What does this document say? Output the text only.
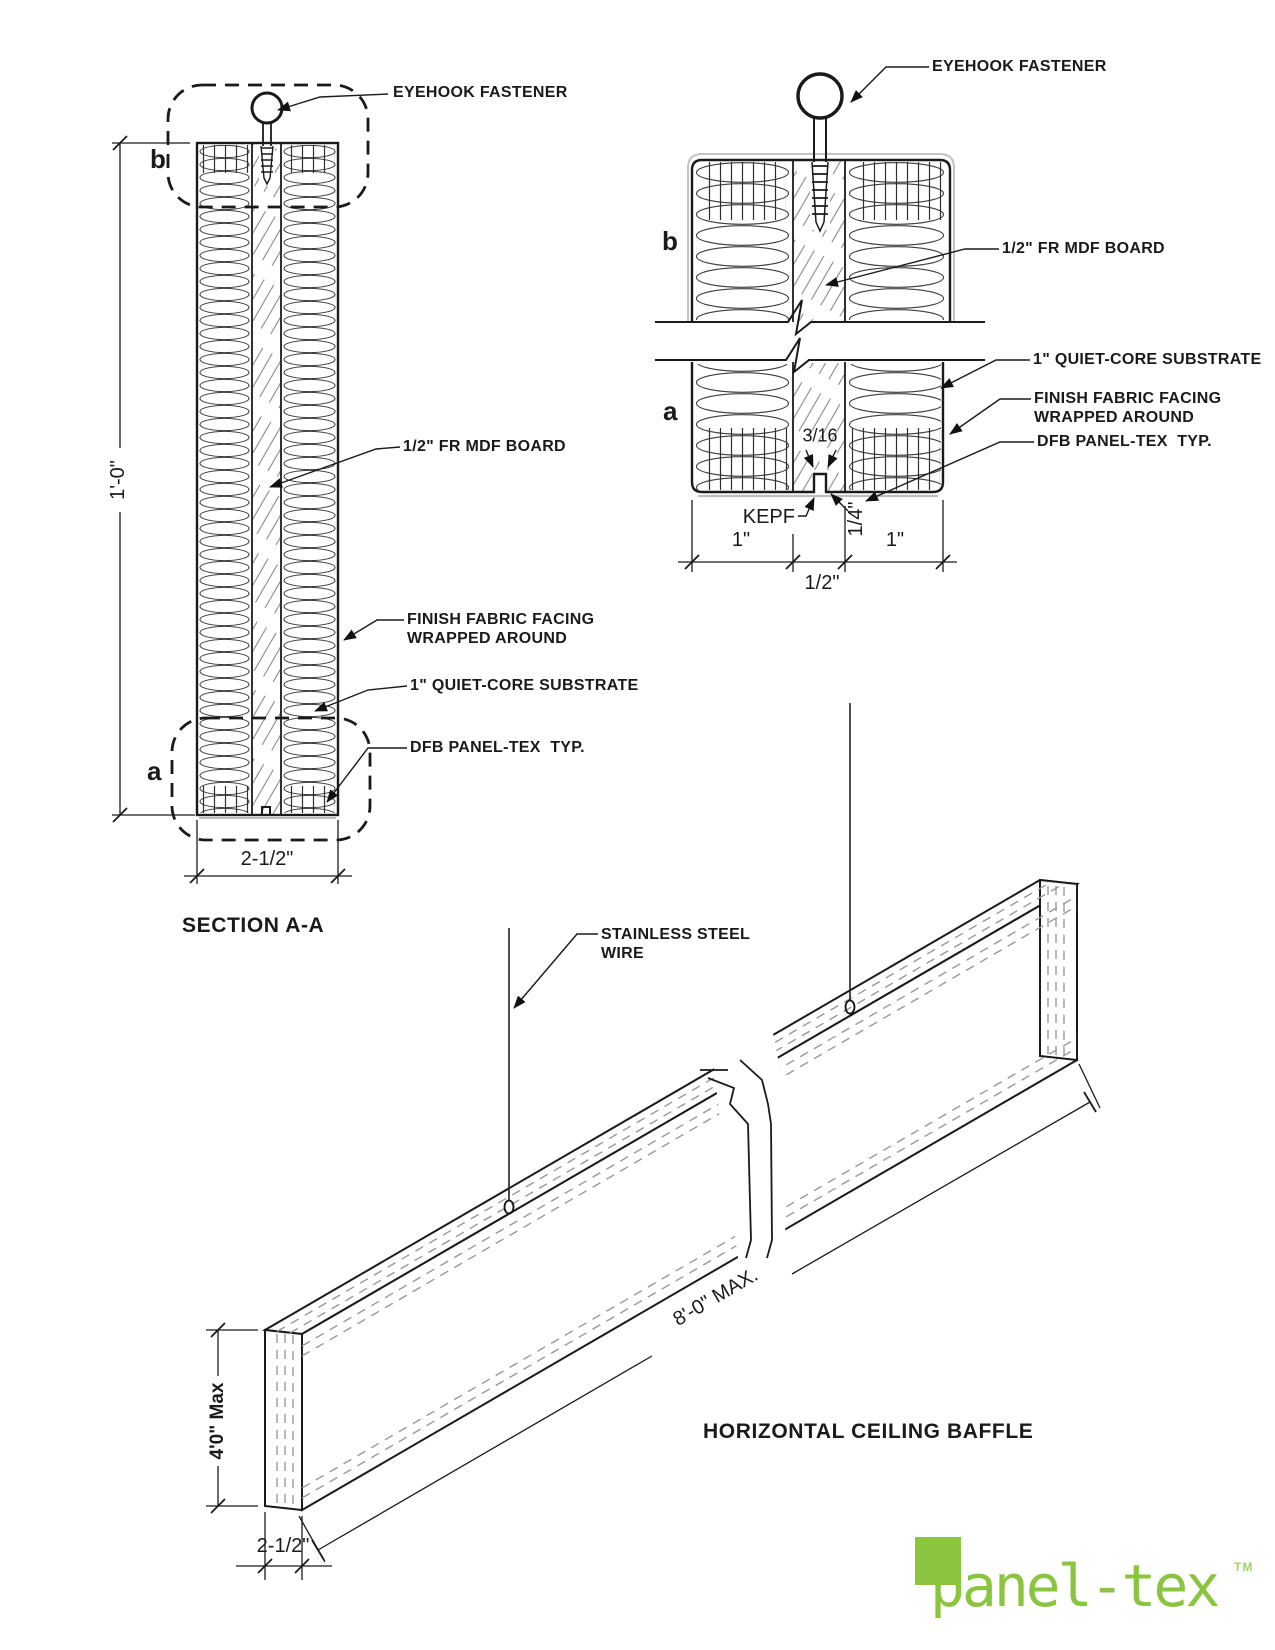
EYEHOOK FASTENER
1/2" FR MDF BOARD
FINISH FABRIC FACING
WRAPPED AROUND
1" QUIET-CORE SUBSTRATE
DFB PANEL-TEX  TYP.
b
a
1'-0"
2-1/2"
SECTION A-A
EYEHOOK FASTENER
1/2" FR MDF BOARD
b
a
1" QUIET-CORE SUBSTRATE
FINISH FABRIC FACING
WRAPPED AROUND
DFB PANEL-TEX  TYP.
3/16
KEPF	1/4"
1"	1"
1/2"
STAINLESS STEEL
WIRE
8'-0" MAX.
4'0" Max
2-1/2"
HORIZONTAL CEILING BAFFLE
panel-tex TM
